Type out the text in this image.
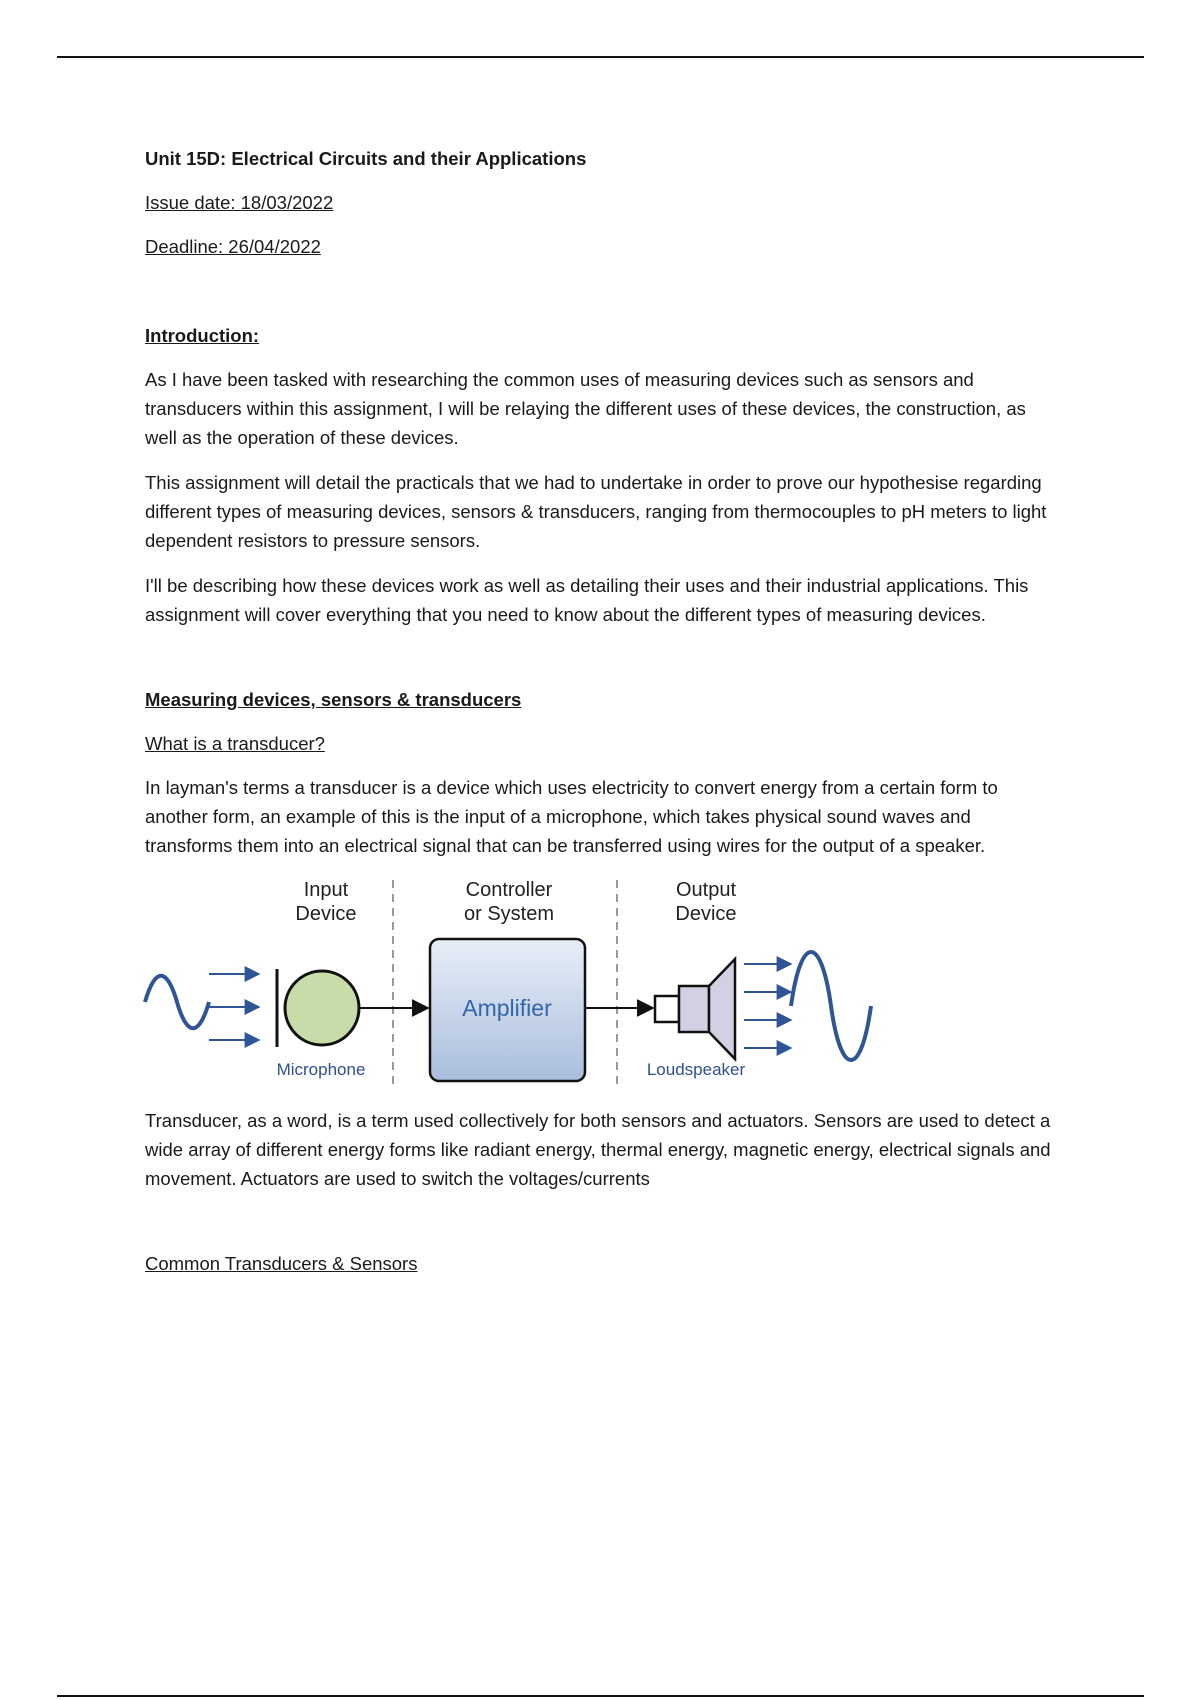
Unit 15D: Electrical Circuits and their Applications
Issue date: 18/03/2022
Deadline: 26/04/2022
Introduction:

As I have been tasked with researching the common uses of measuring devices such as sensors and transducers within this assignment, I will be relaying the different uses of these devices, the construction, as well as the operation of these devices.

This assignment will detail the practicals that we had to undertake in order to prove our hypothesise regarding different types of measuring devices, sensors & transducers, ranging from thermocouples to pH meters to light dependent resistors to pressure sensors.

I'll be describing how these devices work as well as detailing their uses and their industrial applications. This assignment will cover everything that you need to know about the different types of measuring devices.

Measuring devices, sensors & transducers
What is a transducer?

In layman's terms a transducer is a device which uses electricity to convert energy from a certain form to another form, an example of this is the input of a microphone, which takes physical sound waves and transforms them into an electrical signal that can be transferred using wires for the output of a speaker.

Input
Device
Controller
or System
Output
Device
Microphone
Amplifier
Loudspeaker

Transducer, as a word, is a term used collectively for both sensors and actuators. Sensors are used to detect a wide array of different energy forms like radiant energy, thermal energy, magnetic energy, electrical signals and movement. Actuators are used to switch the voltages/currents

Common Transducers & Sensors
